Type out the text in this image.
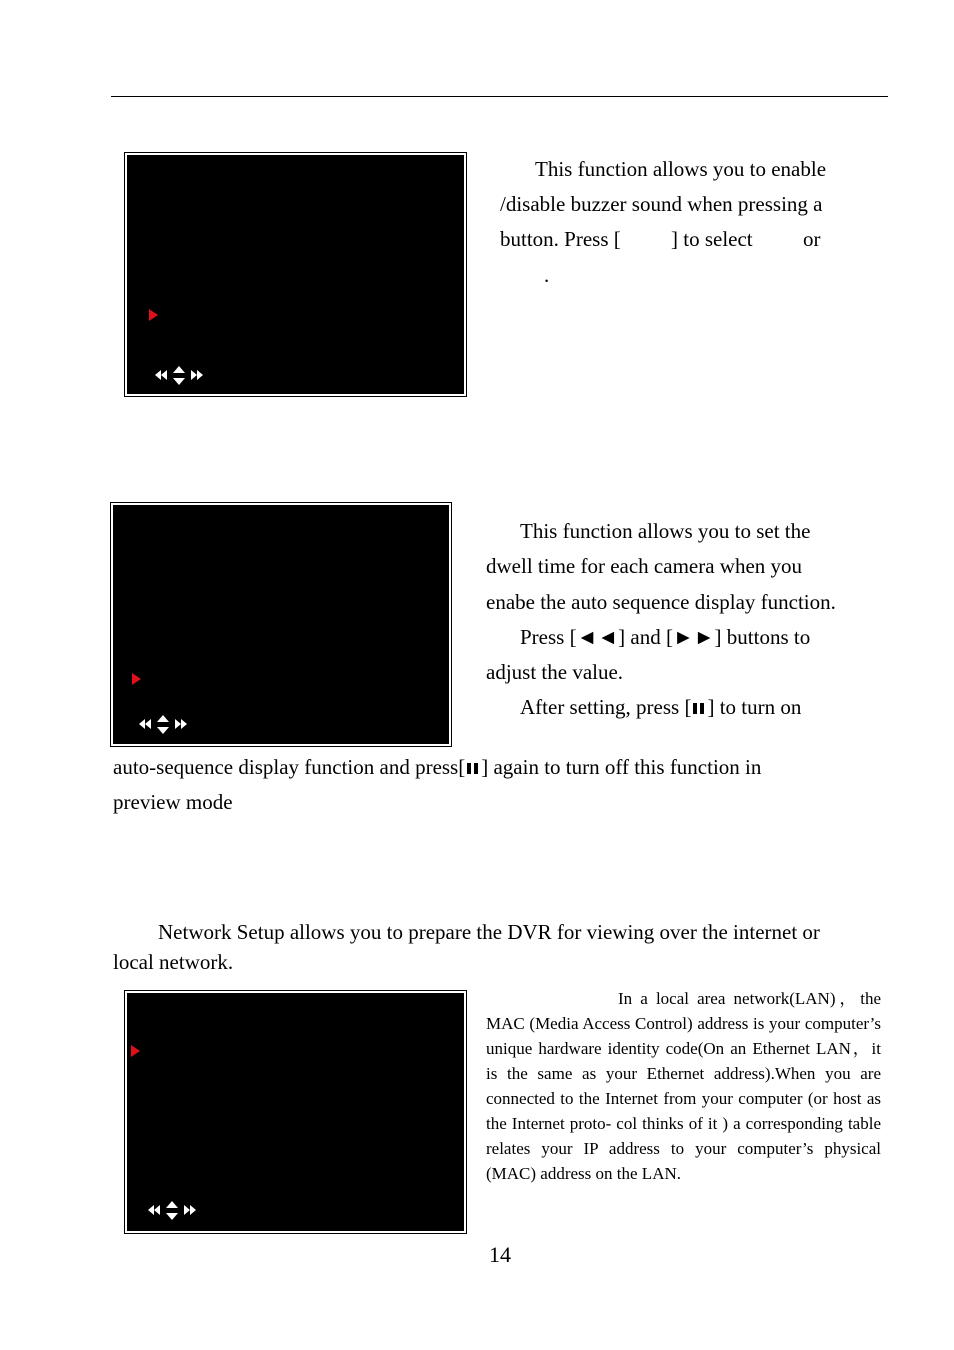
This function allows you to enable

/disable buzzer sound when pressing a

button. Press [ ] to select or

.

This function allows you to set the

dwell time for each camera when you

enabe the auto sequence display function.

Press [◄◄] and [►►] buttons to

adjust the value.

After setting, press [ ] to turn on

auto-sequence display function and press[ ] again to turn off this function in

preview mode

Network Setup allows you to prepare the DVR for viewing over the internet or

local network.

In a local area network(LAN)，the MAC (Media Access Control) address is your computer’s unique hardware identity code(On an Ethernet LAN，it is the same as your Ethernet address).When you are connected to the Internet from your computer (or host as the Internet proto- col thinks of it ) a corresponding table relates your IP address to your computer’s physical (MAC) address on the LAN.

14
